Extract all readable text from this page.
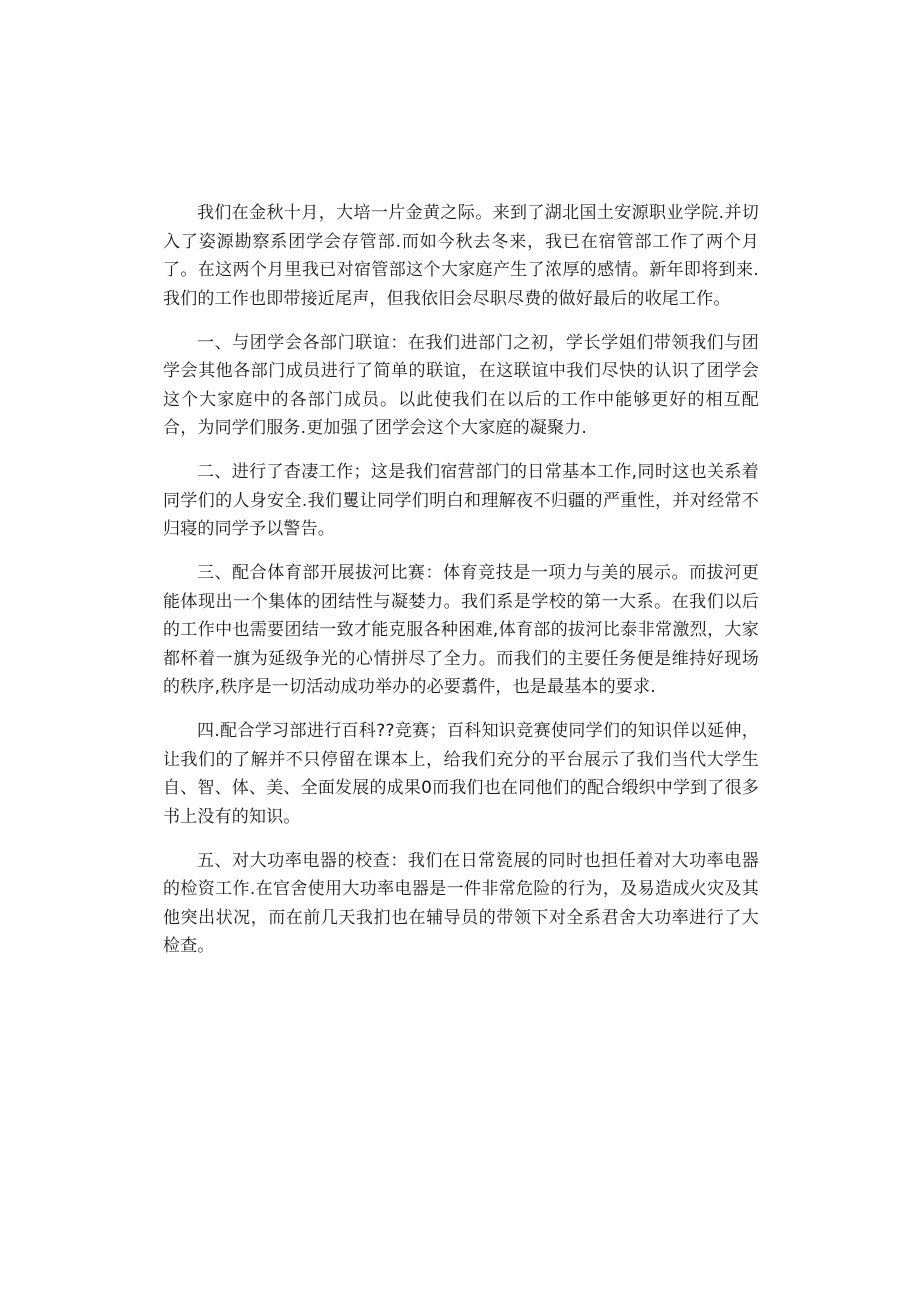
我们在金秋十月，大培一片金黄之际。来到了湖北国土安源职业学院.并切入了姿源勘察系团学会存管部.而如今秋去冬来，我已在宿管部工作了两个月了。在这两个月里我已对宿管部这个大家庭产生了浓厚的感情。新年即将到来.我们的工作也即带接近尾声，但我依旧会尽职尽费的做好最后的收尾工作。

一、与团学会各部门联谊：在我们进部门之初，学长学姐们带领我们与团学会其他各部门成员进行了简单的联谊，在这联谊中我们尽快的认识了团学会这个大家庭中的各部门成员。以此使我们在以后的工作中能够更好的相互配合，为同学们服务.更加强了团学会这个大家庭的凝聚力.

二、进行了杳凄工作；这是我们宿营部门的日常基本工作,同时这也关系着同学们的人身安全.我们矍让同学们明白和理解夜不归疆的严重性，并对经常不归寝的同学予以警告。

三、配合体育部开展拔河比赛：体育竞技是一项力与美的展示。而拔河更能体现出一个集体的团结性与凝婪力。我们系是学校的第一大系。在我们以后的工作中也需要团结一致才能克服各种困难,体育部的拔河比泰非常激烈，大家都杯着一旗为延级争光的心情拼尽了全力。而我们的主要任务便是维持好现场的秩序,秩序是一切活动成功举办的必要翥件，也是最基本的要求.

四.配合学习部进行百科??竞赛；百科知识竞赛使同学们的知识佯以延伸，让我们的了解并不只停留在课本上，给我们充分的平台展示了我们当代大学生自、智、体、美、全面发展的成果0而我们也在同他们的配合缎织中学到了很多书上没有的知识。

五、对大功率电器的校查：我们在日常瓷展的同时也担任着对大功率电器的检资工作.在官舍使用大功率电器是一件非常危险的行为，及易造成火灾及其他突出状况，而在前几天我扪也在辅导员的带领下对全系君舍大功率进行了大检查。
